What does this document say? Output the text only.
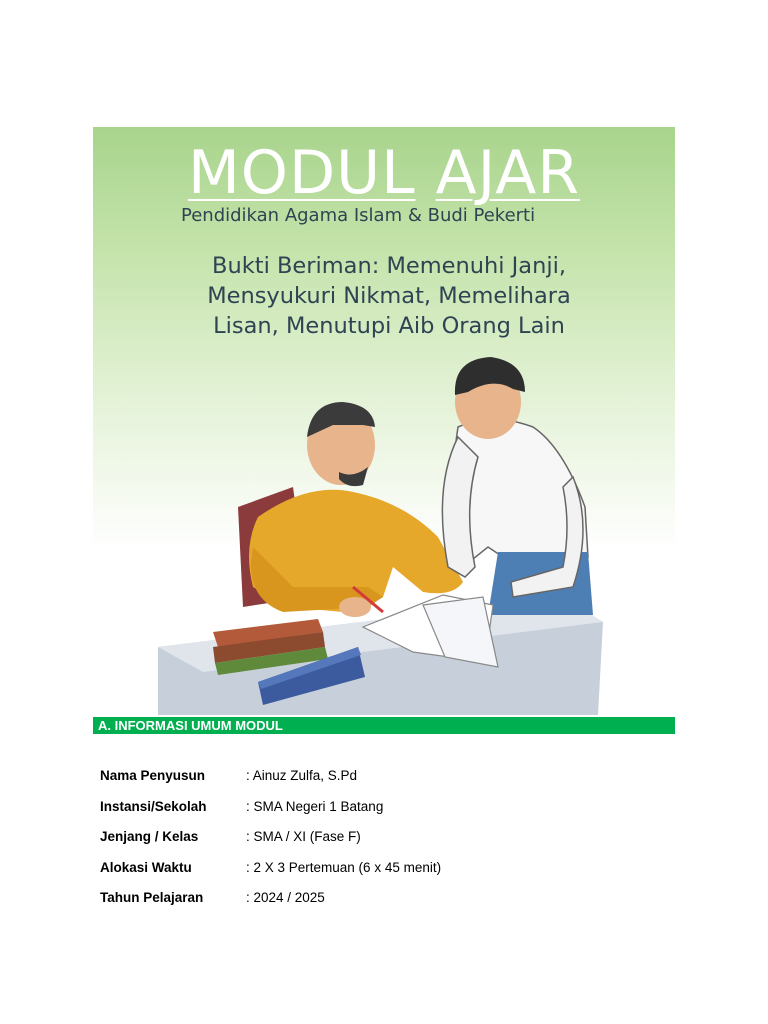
MODUL AJAR
Pendidikan Agama Islam & Budi Pekerti
Bukti Beriman: Memenuhi Janji,
Mensyukuri Nikmat, Memelihara
Lisan, Menutupi Aib Orang Lain
A. INFORMASI UMUM MODUL
Nama Penyusun	: Ainuz Zulfa, S.Pd
Instansi/Sekolah	: SMA Negeri 1 Batang
Jenjang / Kelas	: SMA / XI (Fase F)
Alokasi Waktu	: 2 X 3 Pertemuan (6 x 45 menit)
Tahun Pelajaran	: 2024 / 2025
